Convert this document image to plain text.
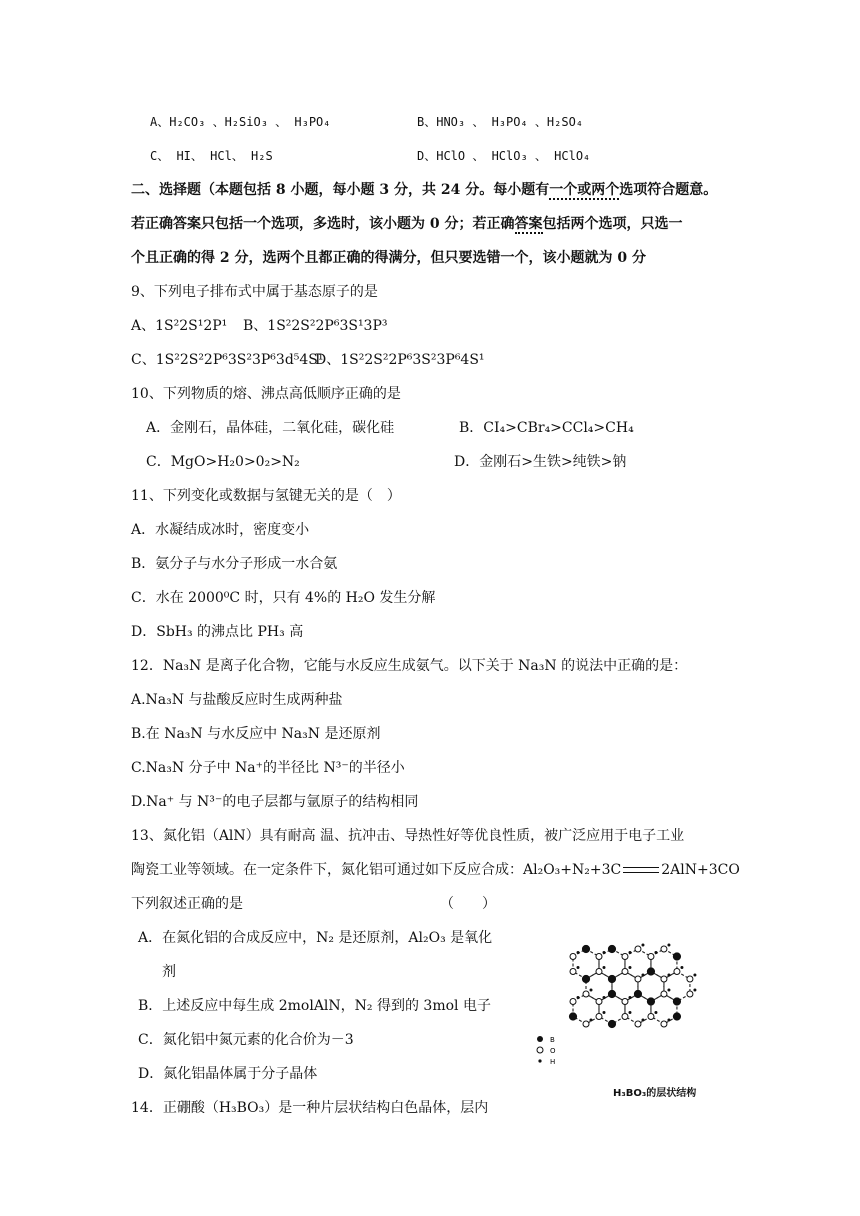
A、H₂CO₃ 、H₂SiO₃ 、 H₃PO₄	B、HNO₃ 、 H₃PO₄ 、H₂SO₄
C、 HI、 HCl、 H₂S	D、HClO 、 HClO₃ 、 HClO₄
二、选择题（本题包括 8 小题，每小题 3 分，共 24 分。每小题有一个或两个选项符合题意。
若正确答案只包括一个选项，多选时，该小题为 0 分；若正确答案包括两个选项，只选一
个且正确的得 2 分，选两个且都正确的得满分，但只要选错一个，该小题就为 0 分
9、下列电子排布式中属于基态原子的是
A、1S²2S¹2P¹ B、1S²2S²2P⁶3S¹3P³
C、1S²2S²2P⁶3S²3P⁶3d⁵4S¹
D、1S²2S²2P⁶3S²3P⁶4S¹
10、下列物质的熔、沸点高低顺序正确的是
A．金刚石，晶体硅，二氧化硅，碳化硅	B．CI₄>CBr₄>CCl₄>CH₄
C．MgO>H₂0>0₂>N₂	D．金刚石>生铁>纯铁>钠
11、下列变化或数据与氢键无关的是（　）
A．水凝结成冰时，密度变小
B．氨分子与水分子形成一水合氨
C．水在 2000⁰C 时，只有 4%的 H₂O 发生分解
D．SbH₃ 的沸点比 PH₃ 高
12．Na₃N 是离子化合物，它能与水反应生成氨气。以下关于 Na₃N 的说法中正确的是：
A.Na₃N 与盐酸反应时生成两种盐
B.在 Na₃N 与水反应中 Na₃N 是还原剂
C.Na₃N 分子中 Na⁺的半径比 N³⁻的半径小
D.Na⁺ 与 N³⁻的电子层都与氩原子的结构相同
13、氮化铝（AlN）具有耐高 温、抗冲击、导热性好等优良性质，被广泛应用于电子工业
陶瓷工业等领域。在一定条件下，氮化铝可通过如下反应合成：Al₂O₃+N₂+3C	2AlN+3CO
下列叙述正确的是	（　　）
A．在氮化铝的合成反应中，N₂ 是还原剂，Al₂O₃ 是氧化
剂
B．上述反应中每生成 2molAlN，N₂ 得到的 3mol 电子
C．氮化铝中氮元素的化合价为－3
D．氮化铝晶体属于分子晶体
14．正硼酸（H₃BO₃）是一种片层状结构白色晶体，层内
B
O
H
H₃BO₃的层状结构
